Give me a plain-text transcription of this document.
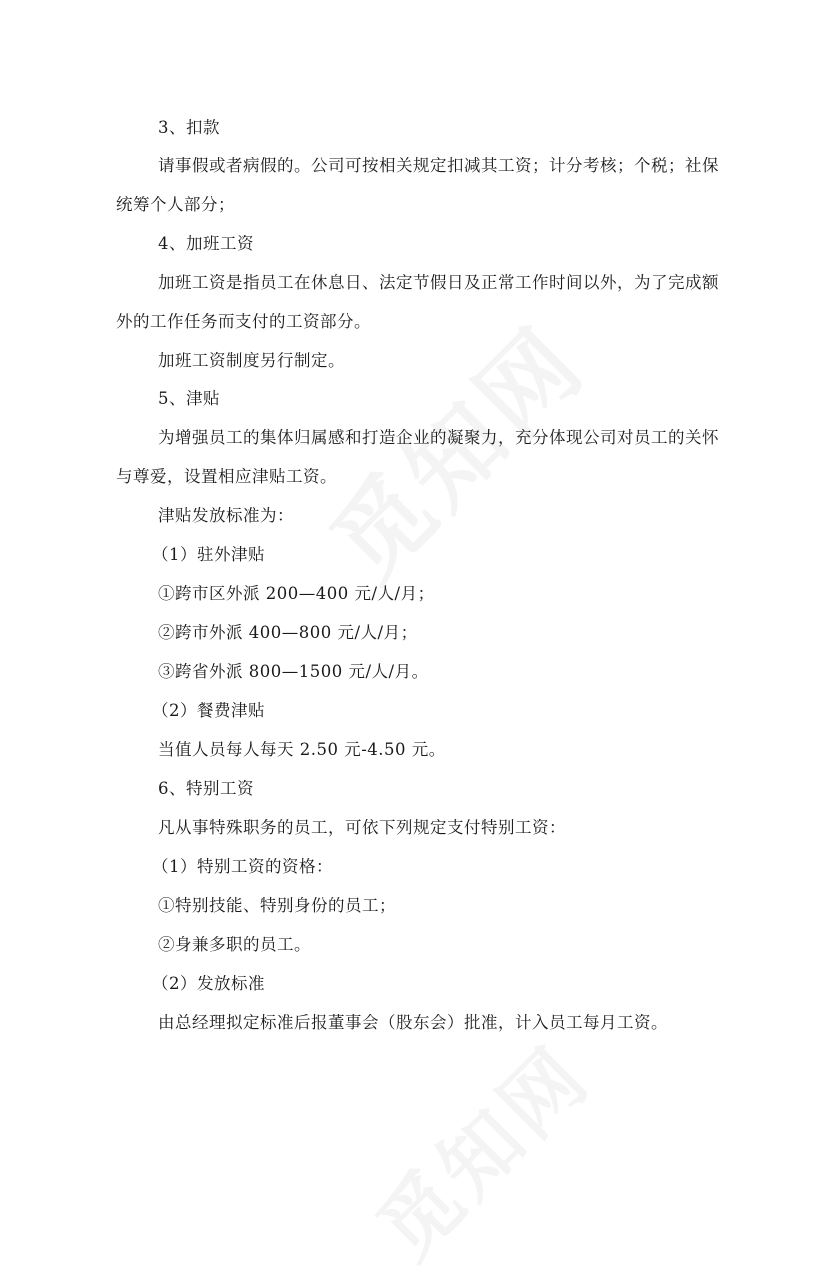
3、扣款
请事假或者病假的。公司可按相关规定扣减其工资；计分考核；个税；社保
统筹个人部分；
4、加班工资
加班工资是指员工在休息日、法定节假日及正常工作时间以外，为了完成额
外的工作任务而支付的工资部分。
加班工资制度另行制定。
5、津贴
为增强员工的集体归属感和打造企业的凝聚力，充分体现公司对员工的关怀
与尊爱，设置相应津贴工资。
津贴发放标准为：
（1）驻外津贴
①跨市区外派 200—400 元/人/月；
②跨市外派 400—800 元/人/月；
③跨省外派 800—1500 元/人/月。
（2）餐费津贴
当值人员每人每天 2.50 元-4.50 元。
6、特别工资
凡从事特殊职务的员工，可依下列规定支付特别工资：
（1）特别工资的资格：
①特别技能、特别身份的员工；
②身兼多职的员工。
（2）发放标准
由总经理拟定标准后报董事会（股东会）批准，计入员工每月工资。
